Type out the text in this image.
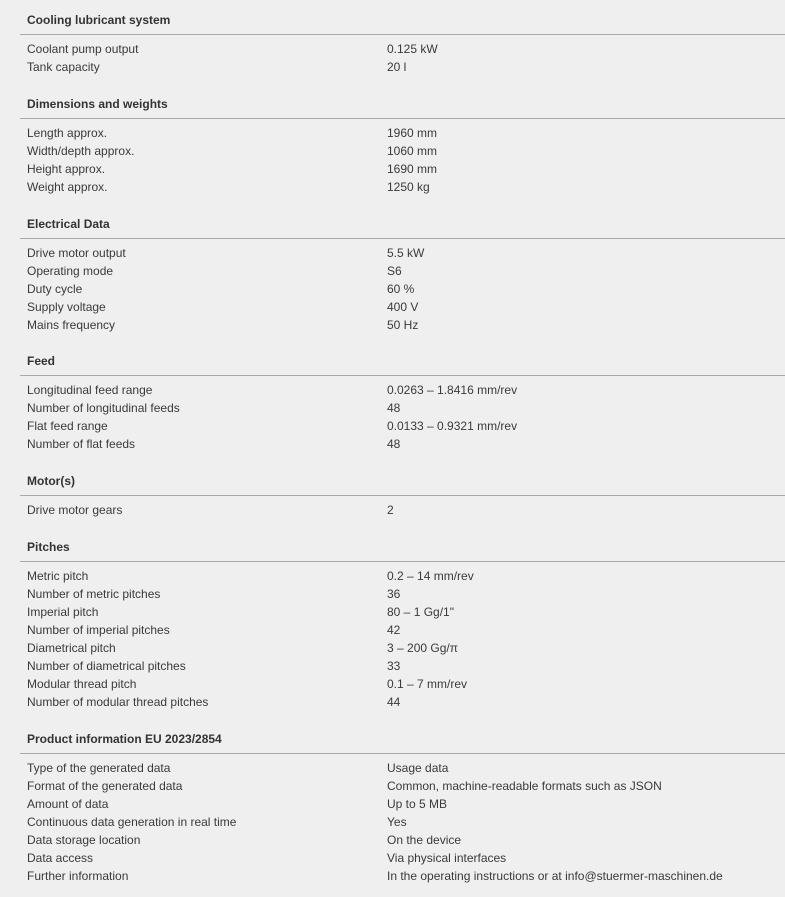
Cooling lubricant system
Coolant pump output	0.125 kW
Tank capacity	20 l
Dimensions and weights
Length approx.	1960 mm
Width/depth approx.	1060 mm
Height approx.	1690 mm
Weight approx.	1250 kg
Electrical Data
Drive motor output	5.5 kW
Operating mode	S6
Duty cycle	60 %
Supply voltage	400 V
Mains frequency	50 Hz
Feed
Longitudinal feed range	0.0263 – 1.8416 mm/rev
Number of longitudinal feeds	48
Flat feed range	0.0133 – 0.9321 mm/rev
Number of flat feeds	48
Motor(s)
Drive motor gears	2
Pitches
Metric pitch	0.2 – 14 mm/rev
Number of metric pitches	36
Imperial pitch	80 – 1 Gg/1"
Number of imperial pitches	42
Diametrical pitch	3 – 200 Gg/π
Number of diametrical pitches	33
Modular thread pitch	0.1 – 7 mm/rev
Number of modular thread pitches	44
Product information EU 2023/2854
Type of the generated data	Usage data
Format of the generated data	Common, machine-readable formats such as JSON
Amount of data	Up to 5 MB
Continuous data generation in real time	Yes
Data storage location	On the device
Data access	Via physical interfaces
Further information	In the operating instructions or at info@stuermer-maschinen.de
